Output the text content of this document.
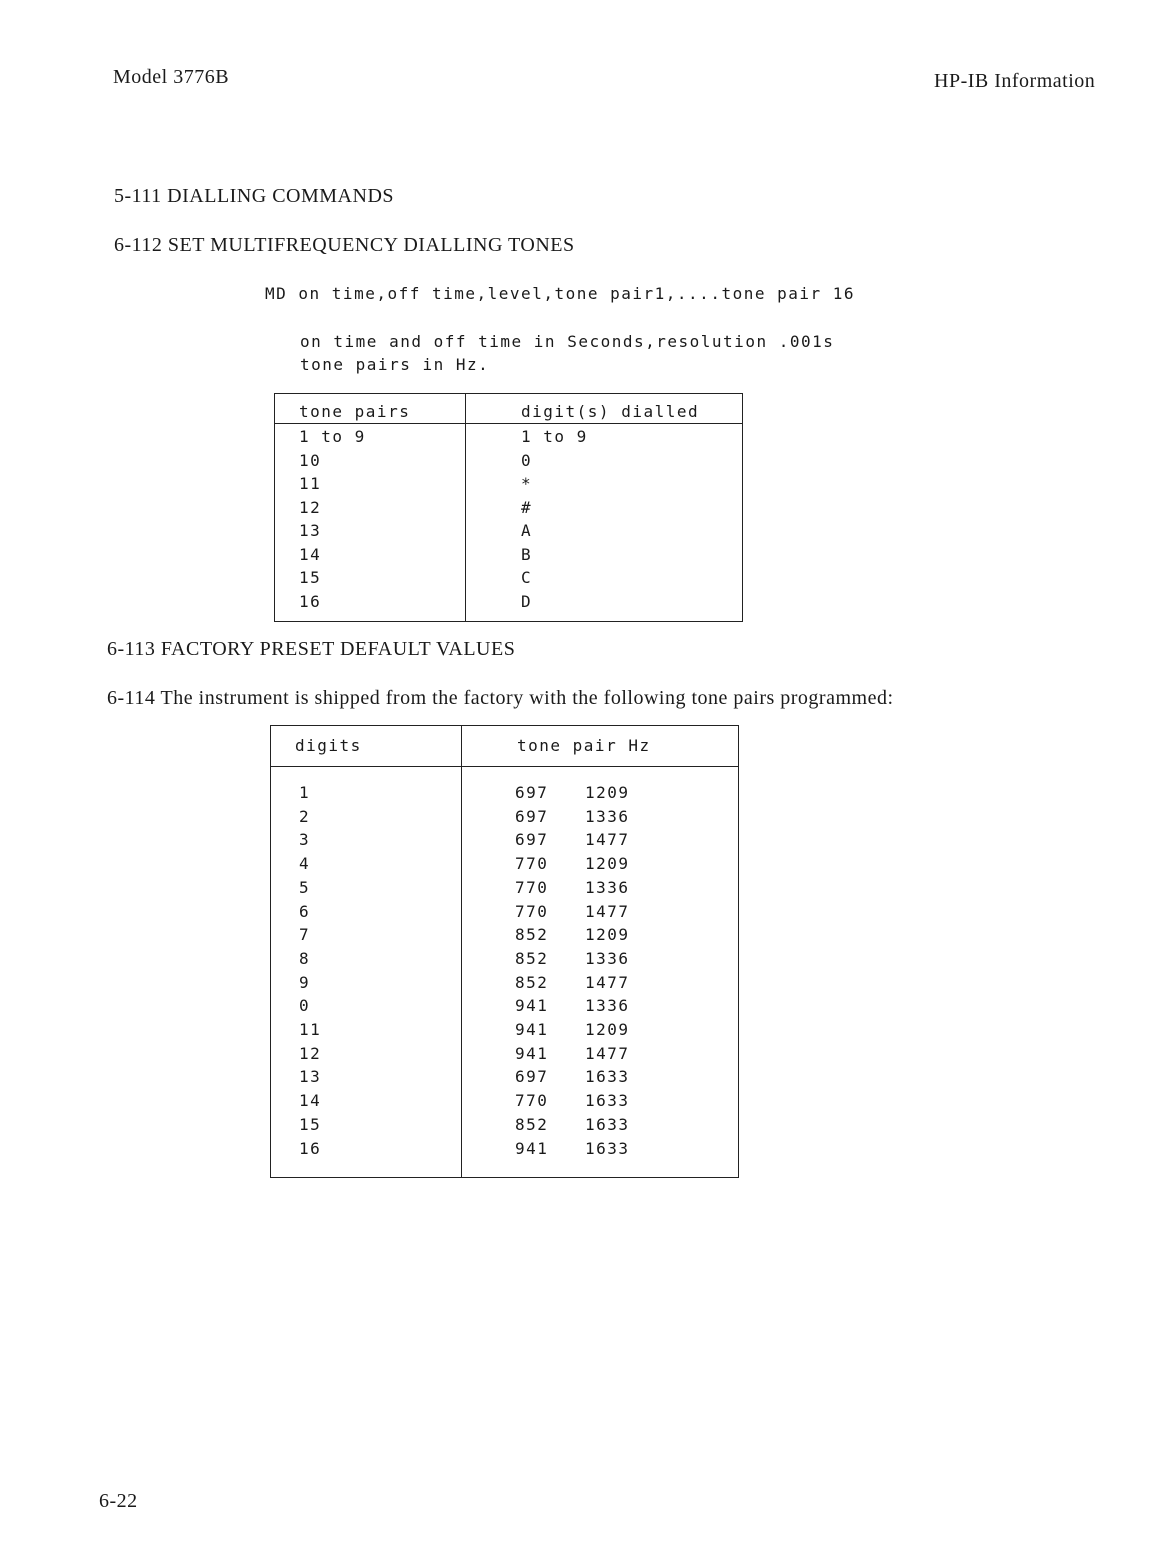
Model 3776B	HP-IB Information
5-111 DIALLING COMMANDS
6-112 SET MULTIFREQUENCY DIALLING TONES
MD on time,off time,level,tone pair1,....tone pair 16
on time and off time in Seconds,resolution .001s
tone pairs in Hz.
tone pairs	digit(s) dialled
1 to 9	1 to 9
10	0
11	*
12	#
13	A
14	B
15	C
16	D
6-113 FACTORY PRESET DEFAULT VALUES
6-114 The instrument is shipped from the factory with the following tone pairs programmed:
digits	tone pair Hz
1	697 1209
2	697 1336
3	697 1477
4	770 1209
5	770 1336
6	770 1477
7	852 1209
8	852 1336
9	852 1477
0	941 1336
11	941 1209
12	941 1477
13	697 1633
14	770 1633
15	852 1633
16	941 1633
6-22
